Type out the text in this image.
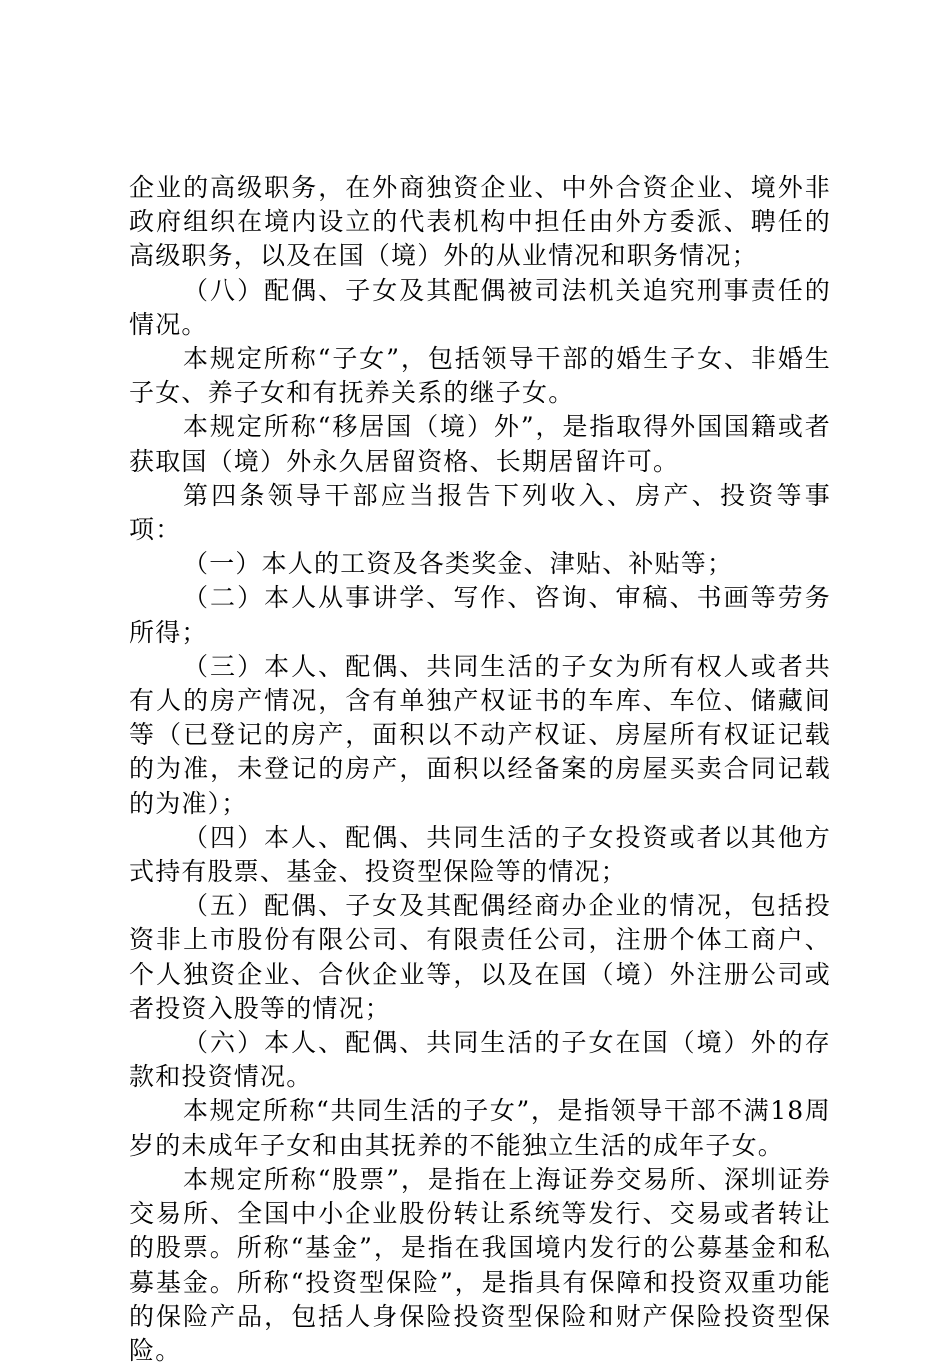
企业的高级职务，在外商独资企业、中外合资企业、境外非政府组织在境内设立的代表机构中担任由外方委派、聘任的高级职务，以及在国（境）外的从业情况和职务情况；

（八）配偶、子女及其配偶被司法机关追究刑事责任的情况。

本规定所称“子女”，包括领导干部的婚生子女、非婚生子女、养子女和有抚养关系的继子女。

本规定所称“移居国（境）外”，是指取得外国国籍或者获取国（境）外永久居留资格、长期居留许可。

第四条领导干部应当报告下列收入、房产、投资等事项：

（一）本人的工资及各类奖金、津贴、补贴等；

（二）本人从事讲学、写作、咨询、审稿、书画等劳务所得；

（三）本人、配偶、共同生活的子女为所有权人或者共有人的房产情况，含有单独产权证书的车库、车位、储藏间等（已登记的房产，面积以不动产权证、房屋所有权证记载的为准，未登记的房产，面积以经备案的房屋买卖合同记载的为准）；

（四）本人、配偶、共同生活的子女投资或者以其他方式持有股票、基金、投资型保险等的情况；

（五）配偶、子女及其配偶经商办企业的情况，包括投资非上市股份有限公司、有限责任公司，注册个体工商户、个人独资企业、合伙企业等，以及在国（境）外注册公司或者投资入股等的情况；

（六）本人、配偶、共同生活的子女在国（境）外的存款和投资情况。

本规定所称“共同生活的子女”，是指领导干部不满18周岁的未成年子女和由其抚养的不能独立生活的成年子女。

本规定所称“股票”，是指在上海证券交易所、深圳证券交易所、全国中小企业股份转让系统等发行、交易或者转让的股票。所称“基金”，是指在我国境内发行的公募基金和私募基金。所称“投资型保险”，是指具有保障和投资双重功能的保险产品，包括人身保险投资型保险和财产保险投资型保险。
